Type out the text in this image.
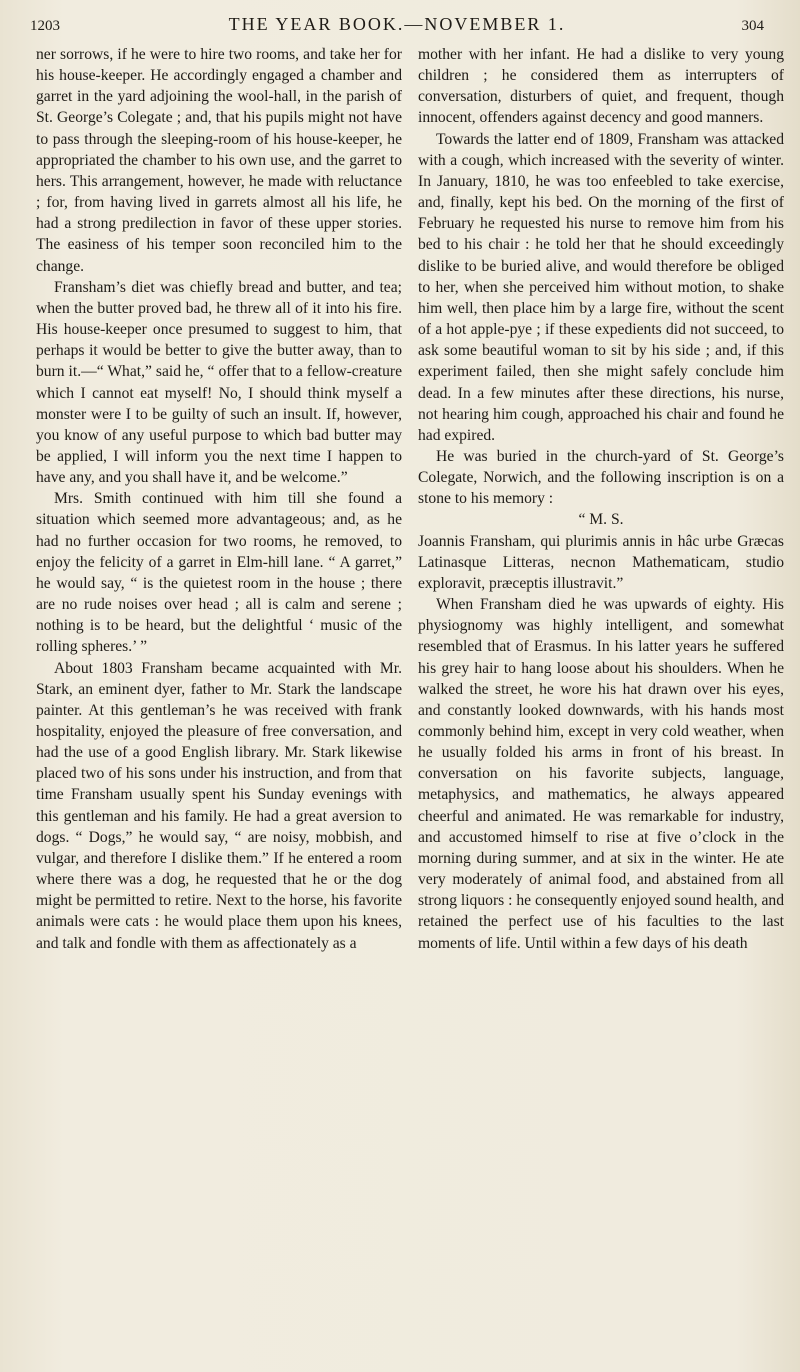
1203	THE YEAR BOOK.—NOVEMBER 1.	304

ner sorrows, if he were to hire two rooms, and take her for his house-keeper. He accordingly engaged a chamber and garret in the yard adjoining the wool-hall, in the parish of St. George’s Colegate ; and, that his pupils might not have to pass through the sleeping-room of his house-keeper, he appropriated the chamber to his own use, and the garret to hers. This arrangement, however, he made with reluctance ; for, from having lived in garrets almost all his life, he had a strong predilection in favor of these upper stories. The easiness of his temper soon reconciled him to the change.

Fransham’s diet was chiefly bread and butter, and tea; when the butter proved bad, he threw all of it into his fire. His house-keeper once presumed to suggest to him, that perhaps it would be better to give the butter away, than to burn it.—“ What,” said he, “ offer that to a fellow-creature which I cannot eat myself! No, I should think myself a monster were I to be guilty of such an insult. If, however, you know of any useful purpose to which bad butter may be applied, I will inform you the next time I happen to have any, and you shall have it, and be welcome.”

Mrs. Smith continued with him till she found a situation which seemed more advantageous; and, as he had no further occasion for two rooms, he removed, to enjoy the felicity of a garret in Elm-hill lane. “ A garret,” he would say, “ is the quietest room in the house ; there are no rude noises over head ; all is calm and serene ; nothing is to be heard, but the delightful ‘ music of the rolling spheres.’ ”

About 1803 Fransham became acquainted with Mr. Stark, an eminent dyer, father to Mr. Stark the landscape painter. At this gentleman’s he was received with frank hospitality, enjoyed the pleasure of free conversation, and had the use of a good English library. Mr. Stark likewise placed two of his sons under his instruction, and from that time Fransham usually spent his Sunday evenings with this gentleman and his family. He had a great aversion to dogs. “ Dogs,” he would say, “ are noisy, mobbish, and vulgar, and therefore I dislike them.” If he entered a room where there was a dog, he requested that he or the dog might be permitted to retire. Next to the horse, his favorite animals were cats : he would place them upon his knees, and talk and fondle with them as affectionately as a

mother with her infant. He had a dislike to very young children ; he considered them as interrupters of conversation, disturbers of quiet, and frequent, though innocent, offenders against decency and good manners.

Towards the latter end of 1809, Fransham was attacked with a cough, which increased with the severity of winter. In January, 1810, he was too enfeebled to take exercise, and, finally, kept his bed. On the morning of the first of February he requested his nurse to remove him from his bed to his chair : he told her that he should exceedingly dislike to be buried alive, and would therefore be obliged to her, when she perceived him without motion, to shake him well, then place him by a large fire, without the scent of a hot apple-pye ; if these expedients did not succeed, to ask some beautiful woman to sit by his side ; and, if this experiment failed, then she might safely conclude him dead. In a few minutes after these directions, his nurse, not hearing him cough, approached his chair and found he had expired.

He was buried in the church-yard of St. George’s Colegate, Norwich, and the following inscription is on a stone to his memory :

“ M. S.

Joannis Fransham, qui plurimis annis in hâc urbe Græcas Latinasque Litteras, necnon Mathematicam, studio exploravit, præceptis illustravit.”

When Fransham died he was upwards of eighty. His physiognomy was highly intelligent, and somewhat resembled that of Erasmus. In his latter years he suffered his grey hair to hang loose about his shoulders. When he walked the street, he wore his hat drawn over his eyes, and constantly looked downwards, with his hands most commonly behind him, except in very cold weather, when he usually folded his arms in front of his breast. In conversation on his favorite subjects, language, metaphysics, and mathematics, he always appeared cheerful and animated. He was remarkable for industry, and accustomed himself to rise at five o’clock in the morning during summer, and at six in the winter. He ate very moderately of animal food, and abstained from all strong liquors : he consequently enjoyed sound health, and retained the perfect use of his faculties to the last moments of life. Until within a few days of his death
